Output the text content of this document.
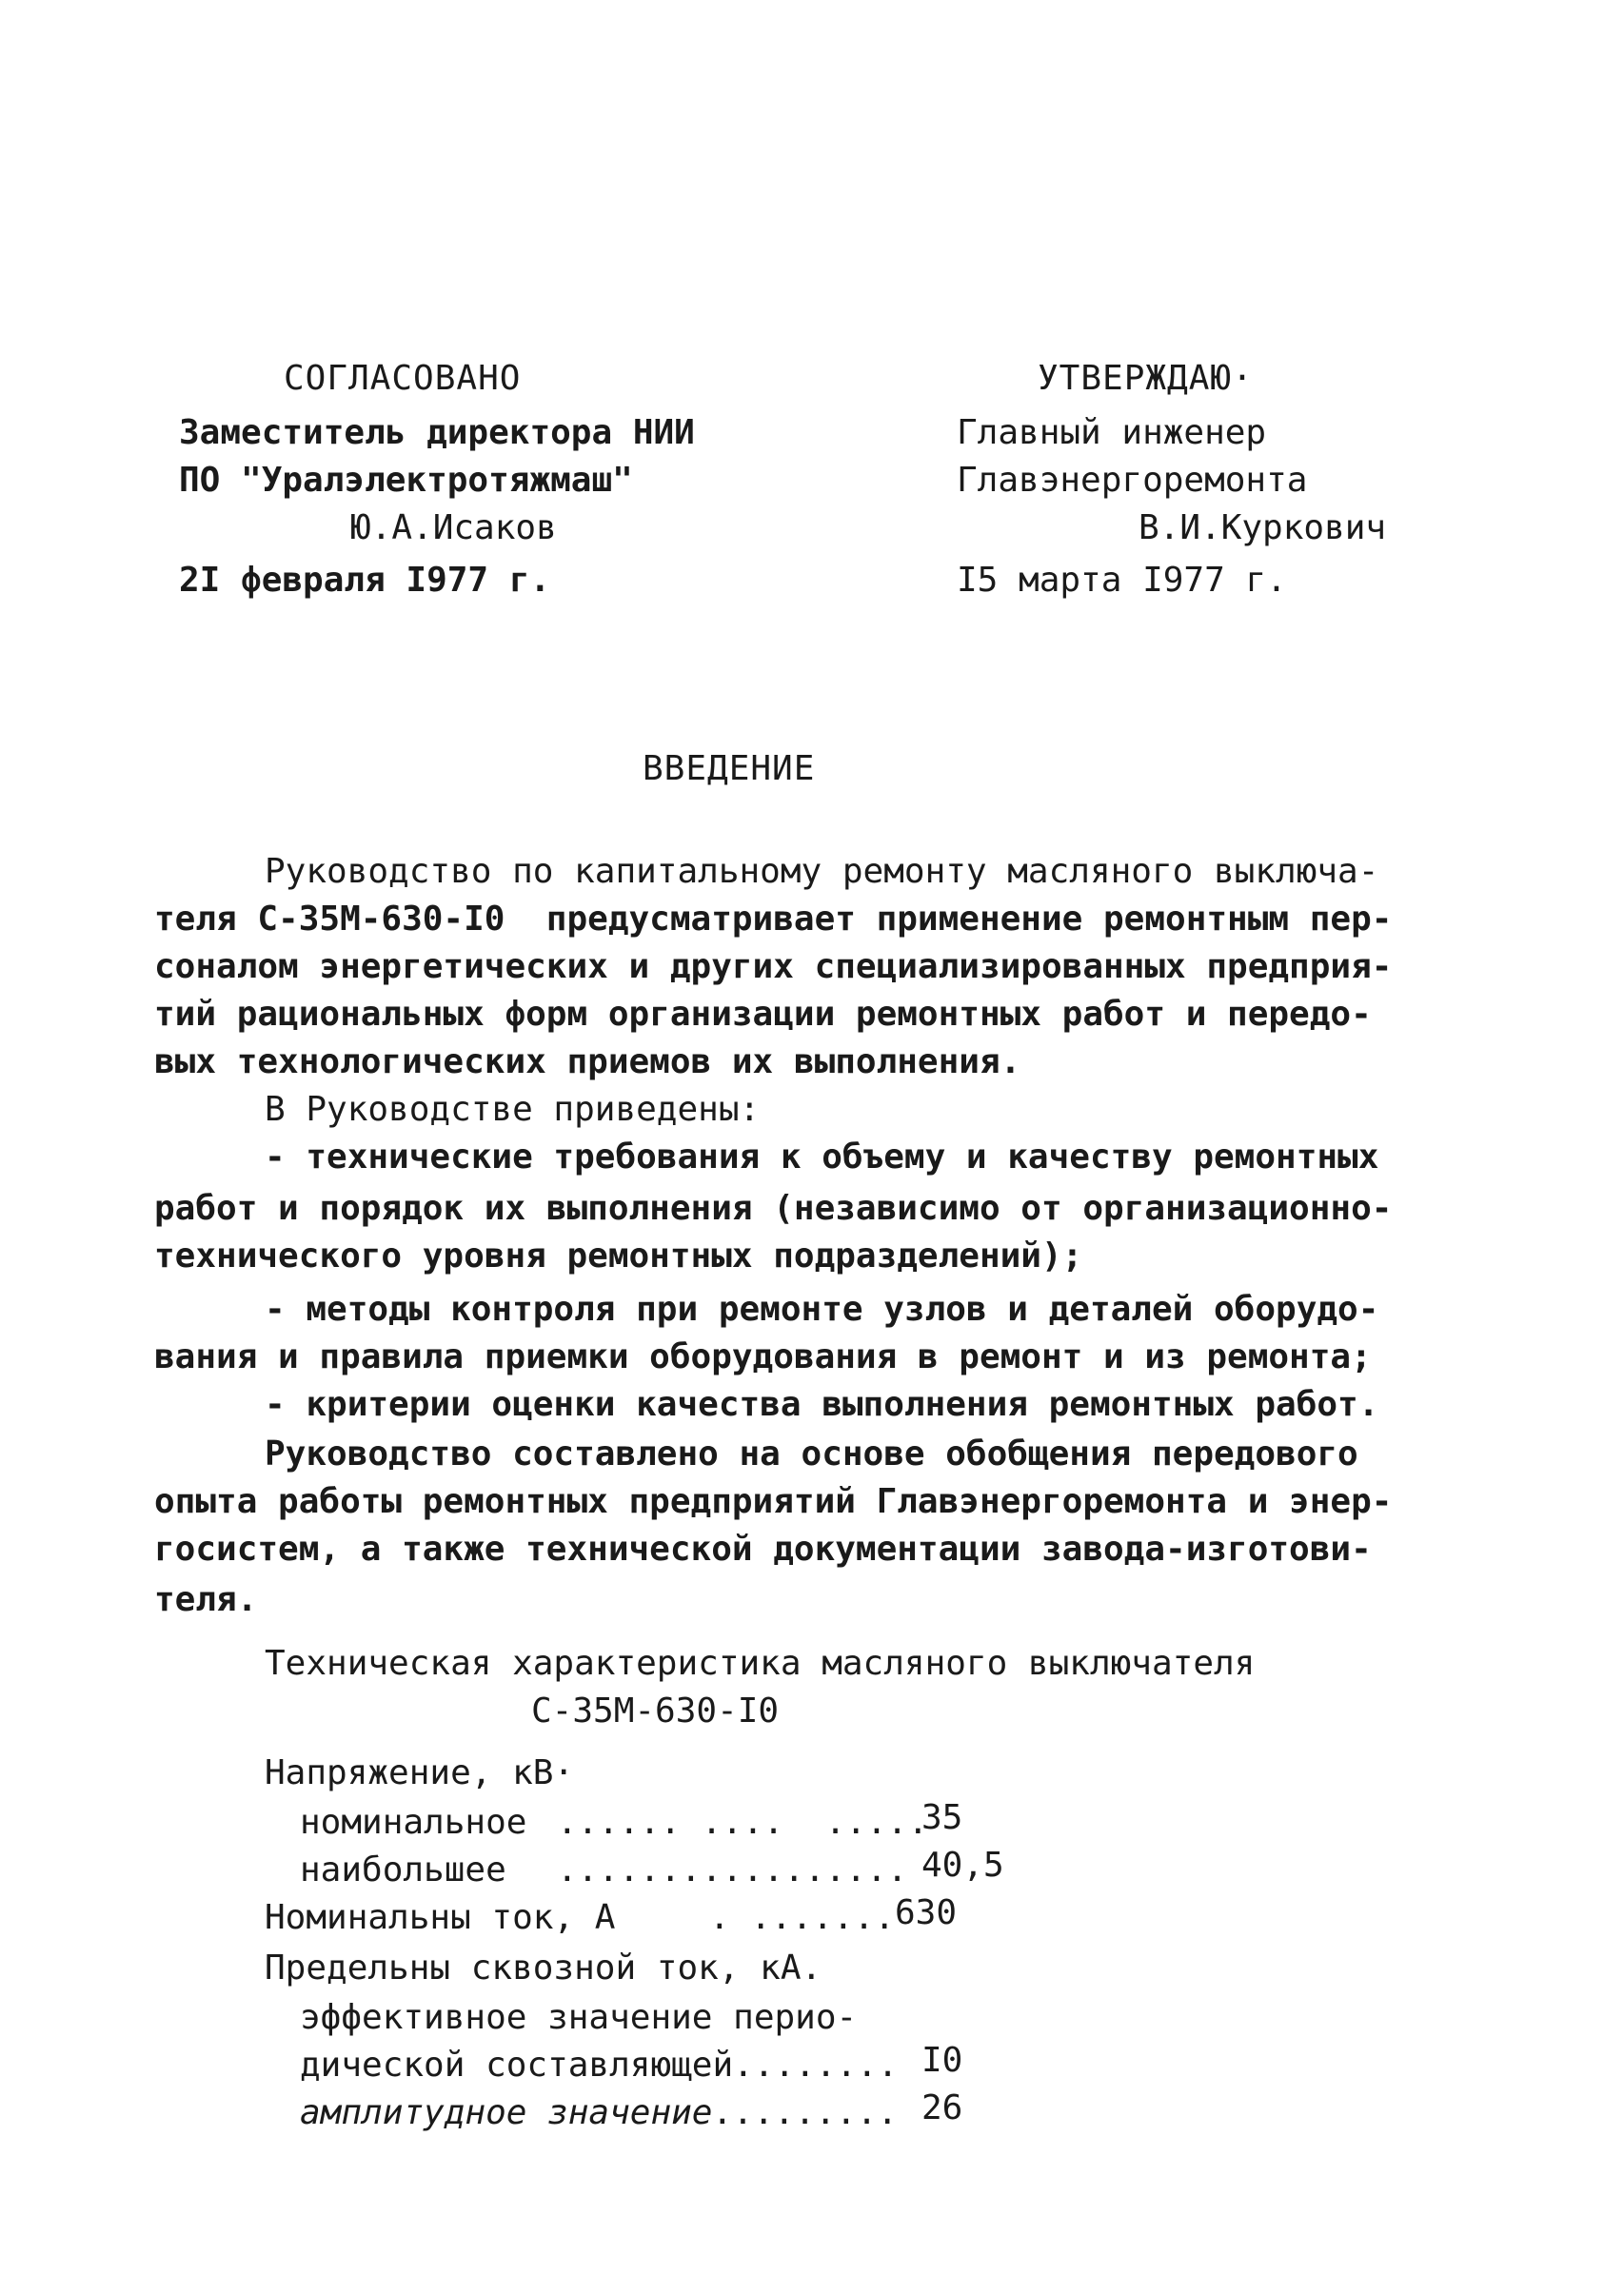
СОГЛАСОВАНО
Заместитель директора НИИ
ПО "Уралэлектротяжмаш"
Ю.А.Исаков
2I февраля I977 г.
УТВЕРЖДАЮ·
Главный инженер
Главэнергоремонта
В.И.Куркович
I5 марта I977 г.
ВВЕДЕНИЕ
Руководство по капитальному ремонту масляного выключа-
теля С-35М-630-I0  предусматривает применение ремонтным пер-
соналом энергетических и других специализированных предприя-
тий рациональных форм организации ремонтных работ и передо-
вых технологических приемов их выполнения.
В Руководстве приведены:
- технические требования к объему и качеству ремонтных
работ и порядок их выполнения (независимо от организационно-
технического уровня ремонтных подразделений);
- методы контроля при ремонте узлов и деталей оборудо-
вания и правила приемки оборудования в ремонт и из ремонта;
- критерии оценки качества выполнения ремонтных работ.
Руководство составлено на основе обобщения передового
опыта работы ремонтных предприятий Главэнергоремонта и энер-
госистем, а также технической документации завода-изготови-
теля.
Техническая характеристика масляного выключателя
С-35М-630-I0
Напряжение, кВ·
номинальное ...... ....  .....
35
наибольшее ................. 40,5
Номинальны ток, А	. ....... 630
Предельны сквозной ток, кА.
эффективное значение перио-
дической составляющей ........ I0
амплитудное значение ......... 26
